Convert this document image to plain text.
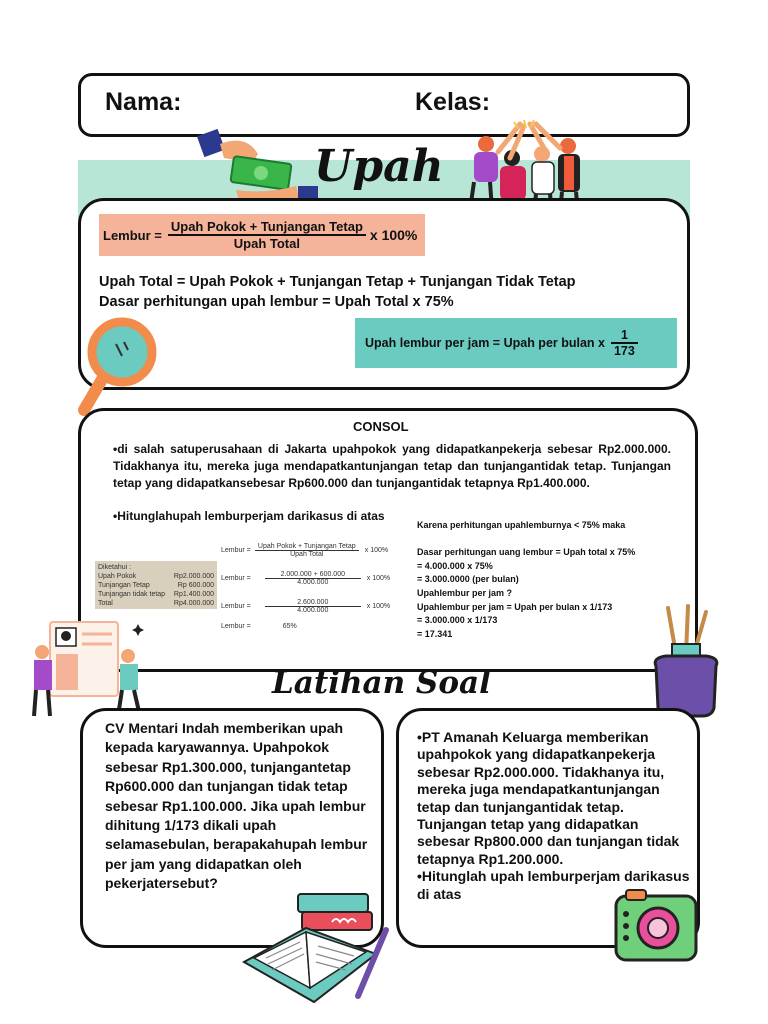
Nama:	Kelas:
Upah
Lembur = $\frac{\text{Upah Pokok + Tunjangan Tetap}}{\text{Upah Total}}$ x 100%
Upah Total = Upah Pokok + Tunjangan Tetap + Tunjangan Tidak Tetap
Dasar perhitungan upah lembur = Upah Total x 75%
Upah lembur per jam = Upah per bulan x $\frac{1}{173}$
CONSOL
•di salah satuperusahaan di Jakarta upahpokok yang didapatkanpekerja sebesar Rp2.000.000. Tidakhanya itu, mereka juga mendapatkantunjangan tetap dan tunjangantidak tetap. Tunjangan tetap yang didapatkansebesar Rp600.000 dan tunjangantidak tetapnya Rp1.400.000.
•Hitunglahupah lemburperjam darikasus di atas
Diketahui :
Upah Pokok	Rp2.000.000
Tunjangan Tetap	Rp 600.000
Tunjangan tidak tetap Rp1.400.000
Total	Rp4.000.000
Lembur = $\frac{\text{Upah Pokok + Tunjangan Tetap}}{\text{Upah Total}}$ x 100%
Lembur = $\frac{2.000.000 + 600.000}{4.000.000}$ x 100%
Lembur = $\frac{2.600.000}{4.000.000}$ x 100%
Lembur =	65%
Karena perhitungan upahlemburnya < 75% maka
Dasar perhitungan uang lembur = Upah total x 75%
= 4.000.000 x 75%
= 3.000.0000 (per bulan)
Upahlembur per jam ?
Upahlembur per jam = Upah per bulan x 1/173
= 3.000.000 x 1/173
= 17.341
Latihan Soal
CV Mentari Indah memberikan upah kepada karyawannya. Upahpokok sebesar Rp1.300.000, tunjangantetap Rp600.000 dan tunjangan tidak tetap sebesar Rp1.100.000. Jika upah lembur dihitung 1/173 dikali upah selamasebulan, berapakahupah lembur per jam yang didapatkan oleh pekerjatersebut?
•PT Amanah Keluarga memberikan upahpokok yang didapatkanpekerja sebesar Rp2.000.000. Tidakhanya itu, mereka juga mendapatkantunjangan tetap dan tunjangantidak tetap. Tunjangan tetap yang didapatkan sebesar Rp800.000 dan tunjangan tidak tetapnya Rp1.200.000.
•Hitunglah upah lemburperjam darikasus di atas
